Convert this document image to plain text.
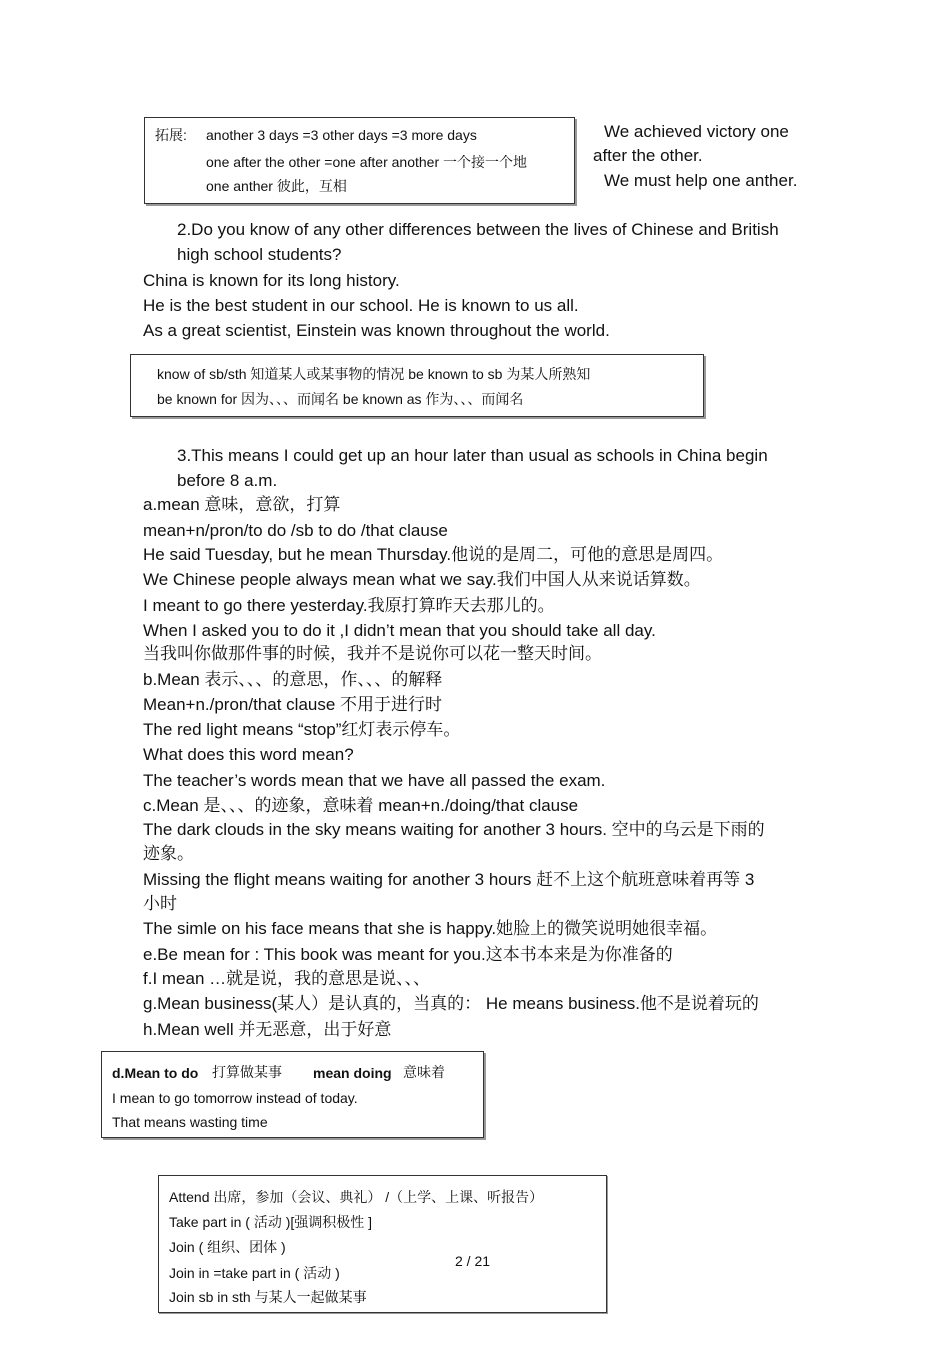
拓展: another 3 days =3 other days =3 more days
one after the other =one after another 一个接一个地
one anther 彼此，互相
We achieved victory one
after the other.
We must help one anther.
2.Do you know of any other differences between the lives of Chinese and British
high school students?
China is known for its long history.
He is the best student in our school. He is known to us all.
As a great scientist, Einstein was known throughout the world.
know of sb/sth 知道某人或某事物的情况 be known to sb 为某人所熟知
be known for 因为、、、而闻名 be known as 作为、、、而闻名
3.This means I could get up an hour later than usual as schools in China begin
before 8 a.m.
a.mean 意味，意欲，打算
mean+n/pron/to do /sb to do /that clause
He said Tuesday, but he mean Thursday.他说的是周二，可他的意思是周四。
We Chinese people always mean what we say.我们中国人从来说话算数。
I meant to go there yesterday.我原打算昨天去那儿的。
When I asked you to do it ,I didn’t mean that you should take all day.
当我叫你做那件事的时候，我并不是说你可以花一整天时间。
b.Mean 表示、、、的意思，作、、、的解释
Mean+n./pron/that clause 不用于进行时
The red light means “stop”红灯表示停车。
What does this word mean?
The teacher’s words mean that we have all passed the exam.
c.Mean 是、、、的迹象，意味着 mean+n./doing/that clause
The dark clouds in the sky means waiting for another 3 hours. 空中的乌云是下雨的
迹象。
Missing the flight means waiting for another 3 hours 赶不上这个航班意味着再等 3
小时
The simle on his face means that she is happy.她脸上的微笑说明她很幸福。
e.Be mean for : This book was meant for you.这本书本来是为你准备的
f.I mean …就是说，我的意思是说、、、
g.Mean business(某人）是认真的，当真的： He means business.他不是说着玩的
h.Mean well 并无恶意，出于好意
d.Mean to do 打算做某事 mean doing 意味着
I mean to go tomorrow instead of today.
That means wasting time
Attend 出席，参加（会议、典礼） /（上学、上课、听报告）
Take part in ( 活动 )[强调积极性 ]
Join ( 组织、团体 )
Join in =take part in ( 活动 )
Join sb in sth 与某人一起做某事
2 / 21
